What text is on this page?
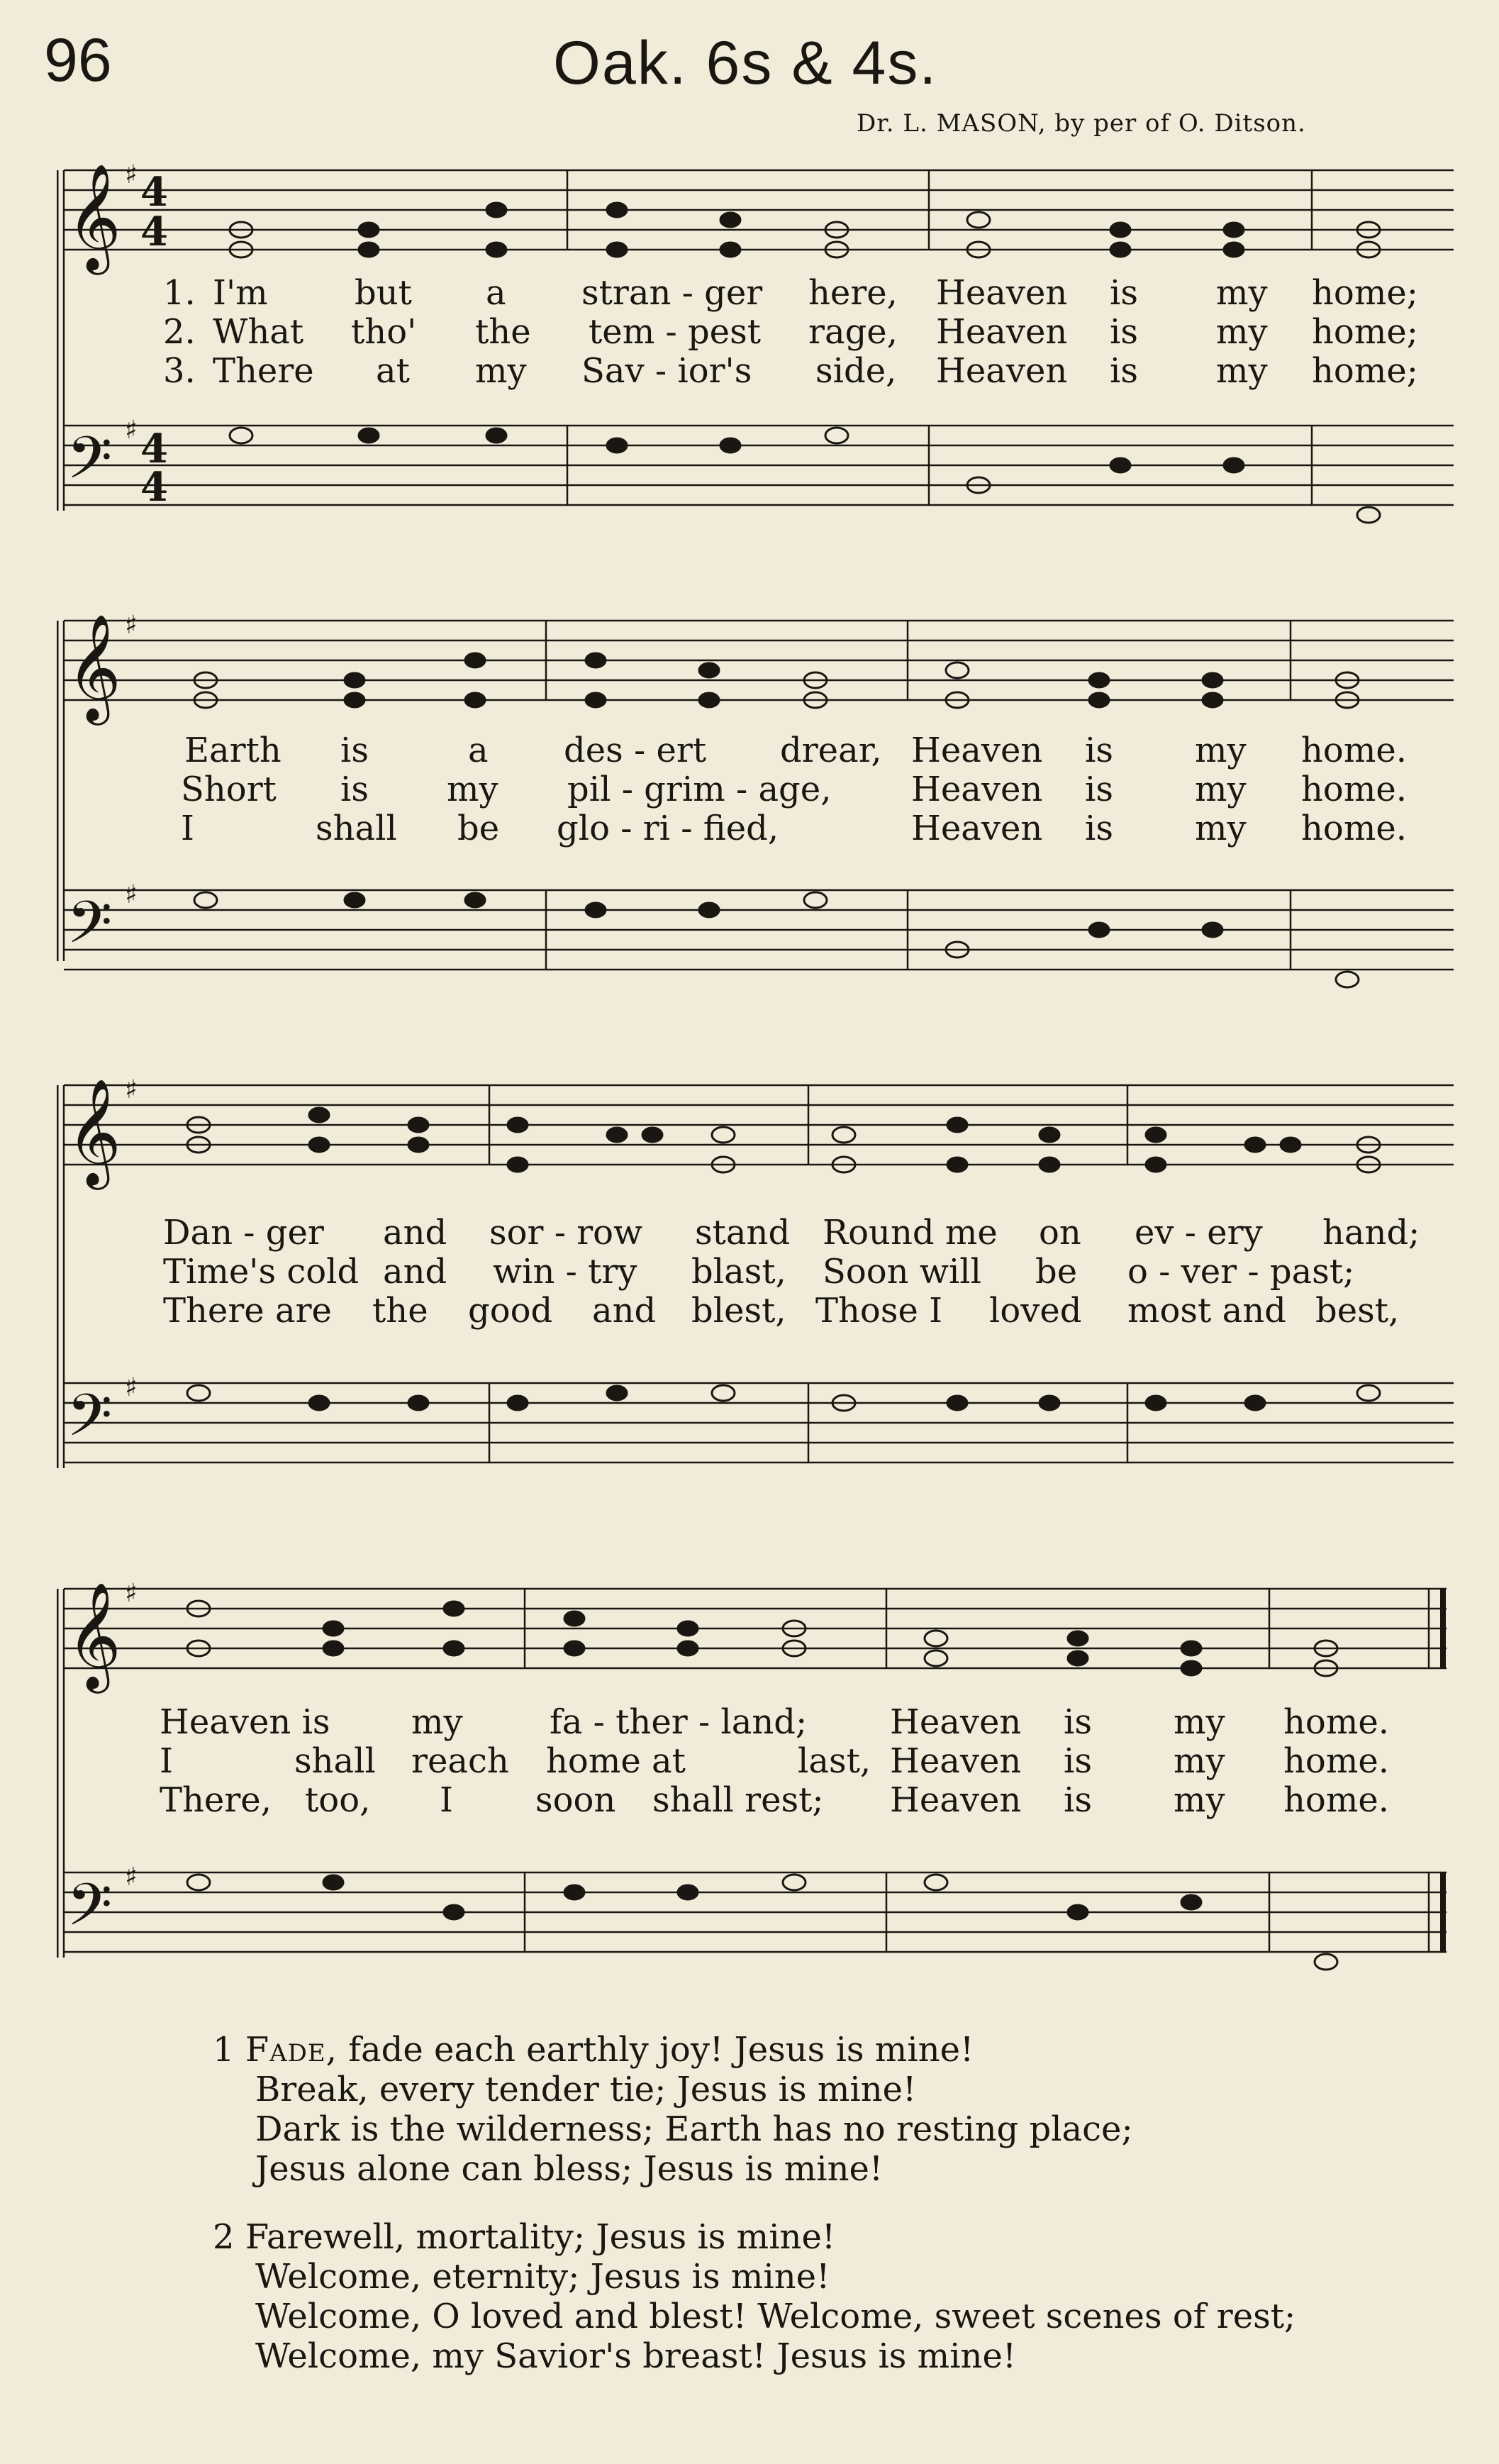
96	Oak. 6s & 4s.
Dr. L. MASON, by per of O. Ditson.
𝄞
𝄢
4
4
4
4
♯
♯
1. I'm	but a stran - ger here, Heaven is my home;
2. What tho' the tem - pest rage, Heaven is my home;
3. There at my Sav - ior's side, Heaven is my home;
𝄞
𝄢
♯
♯
Earth is	a des - ert drear, Heaven is my home.
Short is my pil - grim - age, Heaven is my home.
I	shall be glo - ri - fied,	Heaven is my home.
𝄞
𝄢
♯
♯
Dan - ger and sor - row stand Round me on ev - ery hand;
Time's cold and win - try blast, Soon will be o - ver - past;
There are the good and blest, Those I loved most and best,
𝄞
𝄢
♯
♯
Heaven is my	fa - ther - land; Heaven is my home.
I	shall reach home at	last, Heaven is my home.
There, too, I soon shall rest; Heaven is my home.
1 Fade, fade each earthly joy! Jesus is mine!
Break, every tender tie; Jesus is mine!
Dark is the wilderness; Earth has no resting place;
Jesus alone can bless; Jesus is mine!
2 Farewell, mortality; Jesus is mine!
Welcome, eternity; Jesus is mine!
Welcome, O loved and blest! Welcome, sweet scenes of rest;
Welcome, my Savior's breast! Jesus is mine!
